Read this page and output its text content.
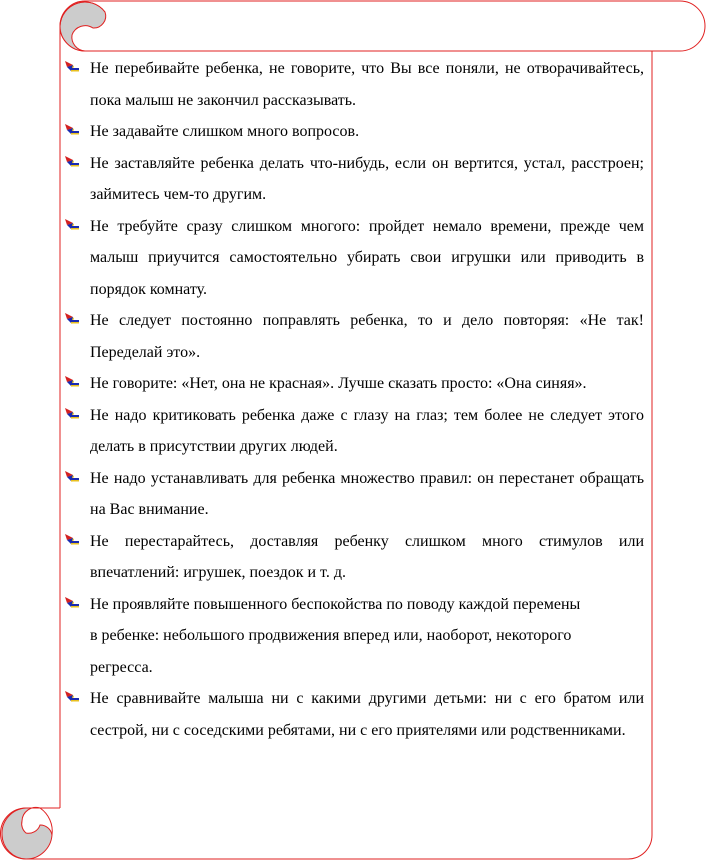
Не перебивайте ребенка, не говорите, что Вы все поняли, не отворачивайтесь, пока малыш не закончил рассказывать.
Не задавайте слишком много вопросов.
Не заставляйте ребенка делать что-нибудь, если он вертится, устал, расстроен; займитесь чем-то другим.
Не требуйте сразу слишком многого: пройдет немало времени, прежде чем малыш приучится самостоятельно убирать свои игрушки или приводить в порядок комнату.
Не следует постоянно поправлять ребенка, то и дело повторяя: «Не так! Переделай это».
Не говорите: «Нет, она не красная». Лучше сказать просто: «Она синяя».
Не надо критиковать ребенка даже с глазу на глаз; тем более не следует этого делать в присутствии других людей.
Не надо устанавливать для ребенка множество правил: он перестанет обращать на Вас внимание.
Не перестарайтесь, доставляя ребенку слишком много стимулов или впечатлений: игрушек, поездок и т. д.
Не проявляйте повышенного беспокойства по поводу каждой перемены в ребенке: небольшого продвижения вперед или, наоборот, некоторого регресса.
Не сравнивайте малыша ни с какими другими детьми: ни с его братом или сестрой, ни с соседскими ребятами, ни с его приятелями или родственниками.
